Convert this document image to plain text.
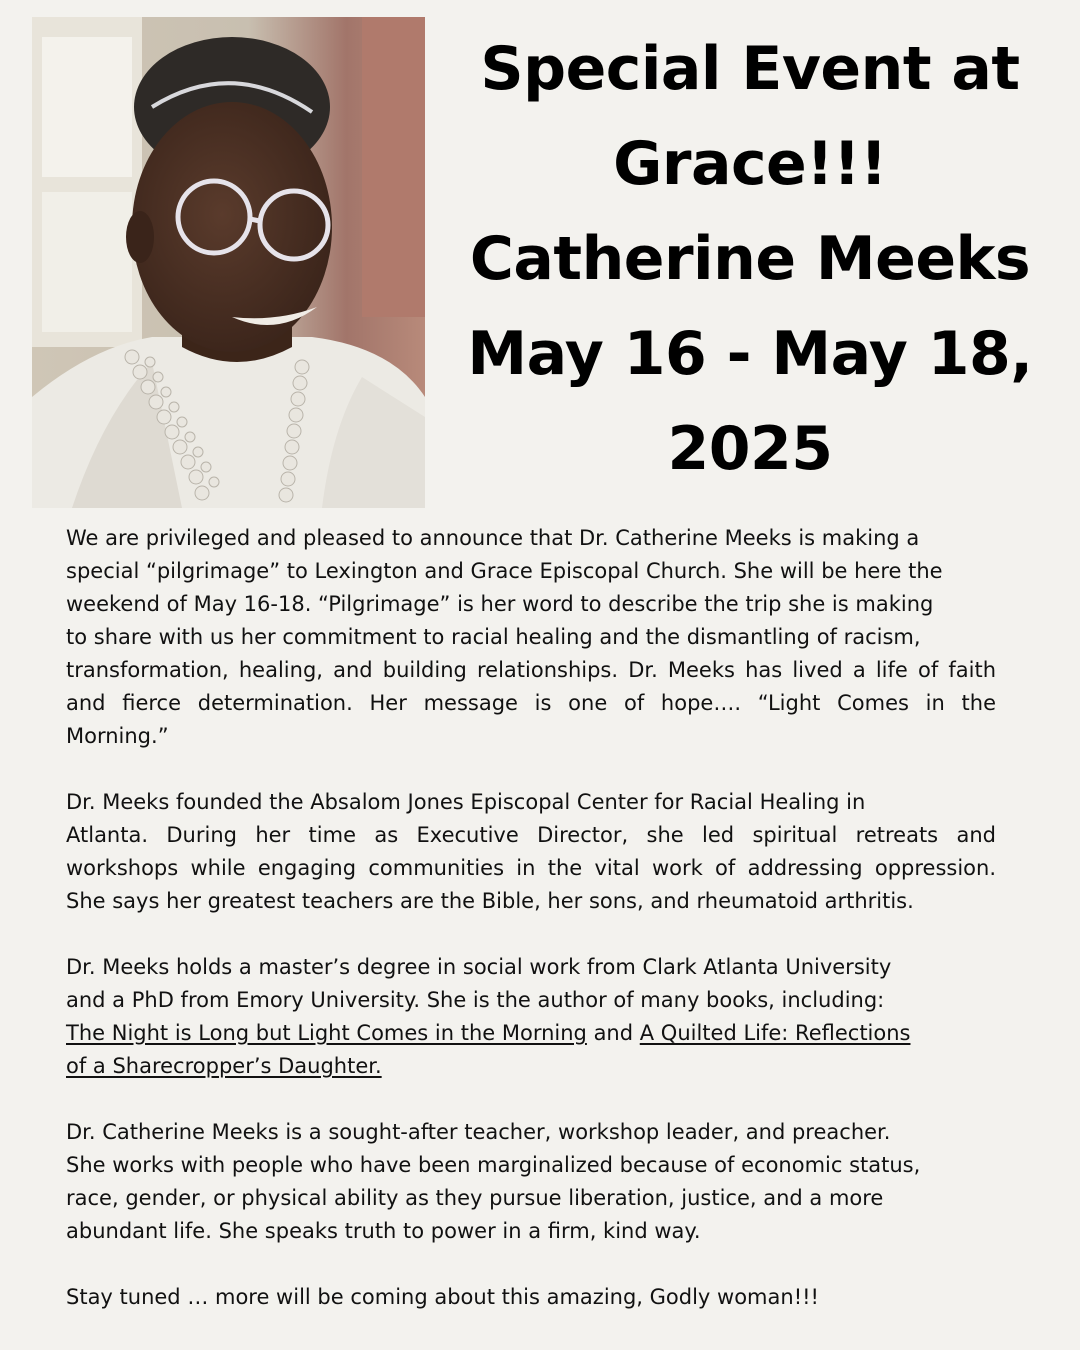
Special Event at
Grace!!!
Catherine Meeks
May 16 - May 18,
2025
We are privileged and pleased to announce that Dr. Catherine Meeks is making a
special “pilgrimage” to Lexington and Grace Episcopal Church. She will be here the
weekend of May 16-18. “Pilgrimage” is her word to describe the trip she is making
to share with us her commitment to racial healing and the dismantling of racism,
transformation, healing, and building relationships. Dr. Meeks has lived a life of faith
and fierce determination. Her message is one of hope…. “Light Comes in the
Morning.”
Dr. Meeks founded the Absalom Jones Episcopal Center for Racial Healing in
Atlanta. During her time as Executive Director, she led spiritual retreats and
workshops while engaging communities in the vital work of addressing oppression.
She says her greatest teachers are the Bible, her sons, and rheumatoid arthritis.
Dr. Meeks holds a master’s degree in social work from Clark Atlanta University
and a PhD from Emory University. She is the author of many books, including:
The Night is Long but Light Comes in the Morning and A Quilted Life: Reflections
of a Sharecropper’s Daughter.
Dr. Catherine Meeks is a sought-after teacher, workshop leader, and preacher.
She works with people who have been marginalized because of economic status,
race, gender, or physical ability as they pursue liberation, justice, and a more
abundant life. She speaks truth to power in a firm, kind way.
Stay tuned … more will be coming about this amazing, Godly woman!!!
